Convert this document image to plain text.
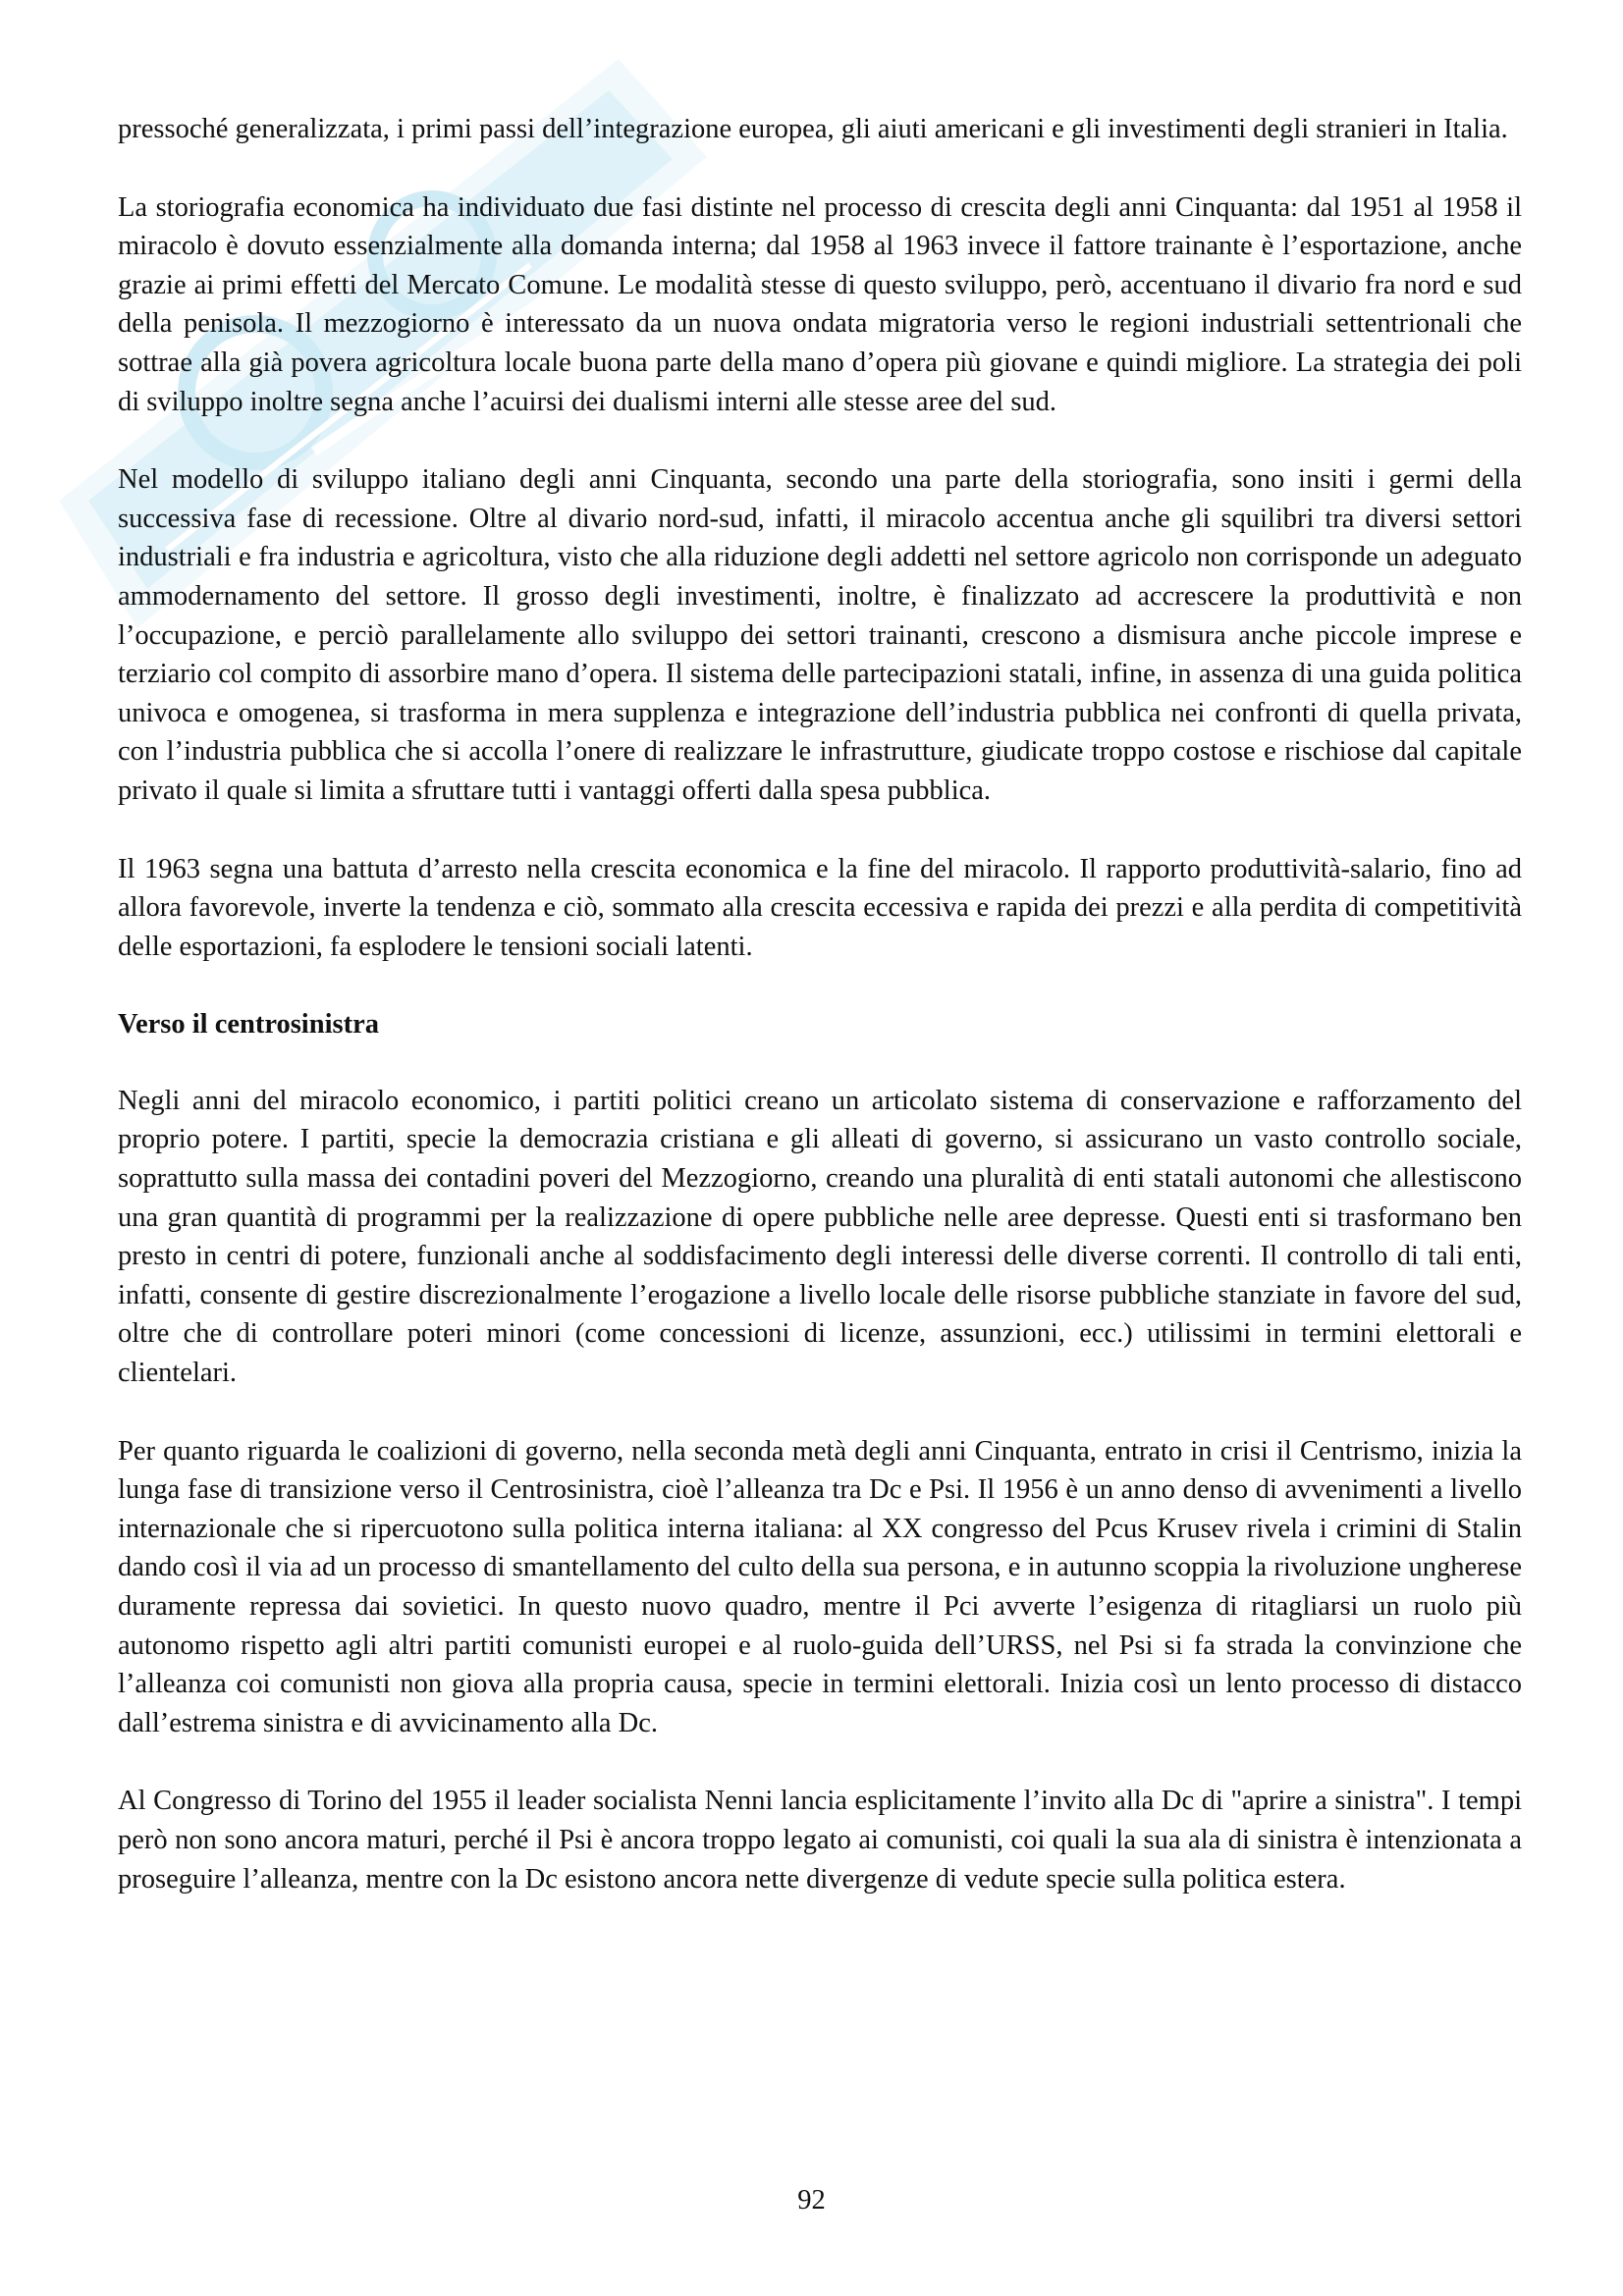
pressoché generalizzata, i primi passi dell’integrazione europea, gli aiuti americani e gli investimenti degli stranieri in Italia.

La storiografia economica ha individuato due fasi distinte nel processo di crescita degli anni Cinquanta: dal 1951 al 1958 il miracolo è dovuto essenzialmente alla domanda interna; dal 1958 al 1963 invece il fattore trainante è l’esportazione, anche grazie ai primi effetti del Mercato Comune. Le modalità stesse di questo sviluppo, però, accentuano il divario fra nord e sud della penisola. Il mezzogiorno è interessato da un nuova ondata migratoria verso le regioni industriali settentrionali che sottrae alla già povera agricoltura locale buona parte della mano d’opera più giovane e quindi migliore. La strategia dei poli di sviluppo inoltre segna anche l’acuirsi dei dualismi interni alle stesse aree del sud.

Nel modello di sviluppo italiano degli anni Cinquanta, secondo una parte della storiografia, sono insiti i germi della successiva fase di recessione. Oltre al divario nord-sud, infatti, il miracolo accentua anche gli squilibri tra diversi settori industriali e fra industria e agricoltura, visto che alla riduzione degli addetti nel settore agricolo non corrisponde un adeguato ammodernamento del settore. Il grosso degli investimenti, inoltre, è finalizzato ad accrescere la produttività e non l’occupazione, e perciò parallelamente allo sviluppo dei settori trainanti, crescono a dismisura anche piccole imprese e terziario col compito di assorbire mano d’opera. Il sistema delle partecipazioni statali, infine, in assenza di una guida politica univoca e omogenea, si trasforma in mera supplenza e integrazione dell’industria pubblica nei confronti di quella privata, con l’industria pubblica che si accolla l’onere di realizzare le infrastrutture, giudicate troppo costose e rischiose dal capitale privato il quale si limita a sfruttare tutti i vantaggi offerti dalla spesa pubblica.

Il 1963 segna una battuta d’arresto nella crescita economica e la fine del miracolo. Il rapporto produttività-salario, fino ad allora favorevole, inverte la tendenza e ciò, sommato alla crescita eccessiva e rapida dei prezzi e alla perdita di competitività delle esportazioni, fa esplodere le tensioni sociali latenti.

Verso il centrosinistra

Negli anni del miracolo economico, i partiti politici creano un articolato sistema di conservazione e rafforzamento del proprio potere. I partiti, specie la democrazia cristiana e gli alleati di governo, si assicurano un vasto controllo sociale, soprattutto sulla massa dei contadini poveri del Mezzogiorno, creando una pluralità di enti statali autonomi che allestiscono una gran quantità di programmi per la realizzazione di opere pubbliche nelle aree depresse. Questi enti si trasformano ben presto in centri di potere, funzionali anche al soddisfacimento degli interessi delle diverse correnti. Il controllo di tali enti, infatti, consente di gestire discrezionalmente l’erogazione a livello locale delle risorse pubbliche stanziate in favore del sud, oltre che di controllare poteri minori (come concessioni di licenze, assunzioni, ecc.) utilissimi in termini elettorali e clientelari.

Per quanto riguarda le coalizioni di governo, nella seconda metà degli anni Cinquanta, entrato in crisi il Centrismo, inizia la lunga fase di transizione verso il Centrosinistra, cioè l’alleanza tra Dc e Psi. Il 1956 è un anno denso di avvenimenti a livello internazionale che si ripercuotono sulla politica interna italiana: al XX congresso del Pcus Krusev rivela i crimini di Stalin dando così il via ad un processo di smantellamento del culto della sua persona, e in autunno scoppia la rivoluzione ungherese duramente repressa dai sovietici. In questo nuovo quadro, mentre il Pci avverte l’esigenza di ritagliarsi un ruolo più autonomo rispetto agli altri partiti comunisti europei e al ruolo-guida dell’URSS, nel Psi si fa strada la convinzione che l’alleanza coi comunisti non giova alla propria causa, specie in termini elettorali. Inizia così un lento processo di distacco dall’estrema sinistra e di avvicinamento alla Dc.

Al Congresso di Torino del 1955 il leader socialista Nenni lancia esplicitamente l’invito alla Dc di "aprire a sinistra". I tempi però non sono ancora maturi, perché il Psi è ancora troppo legato ai comunisti, coi quali la sua ala di sinistra è intenzionata a proseguire l’alleanza, mentre con la Dc esistono ancora nette divergenze di vedute specie sulla politica estera.

92
